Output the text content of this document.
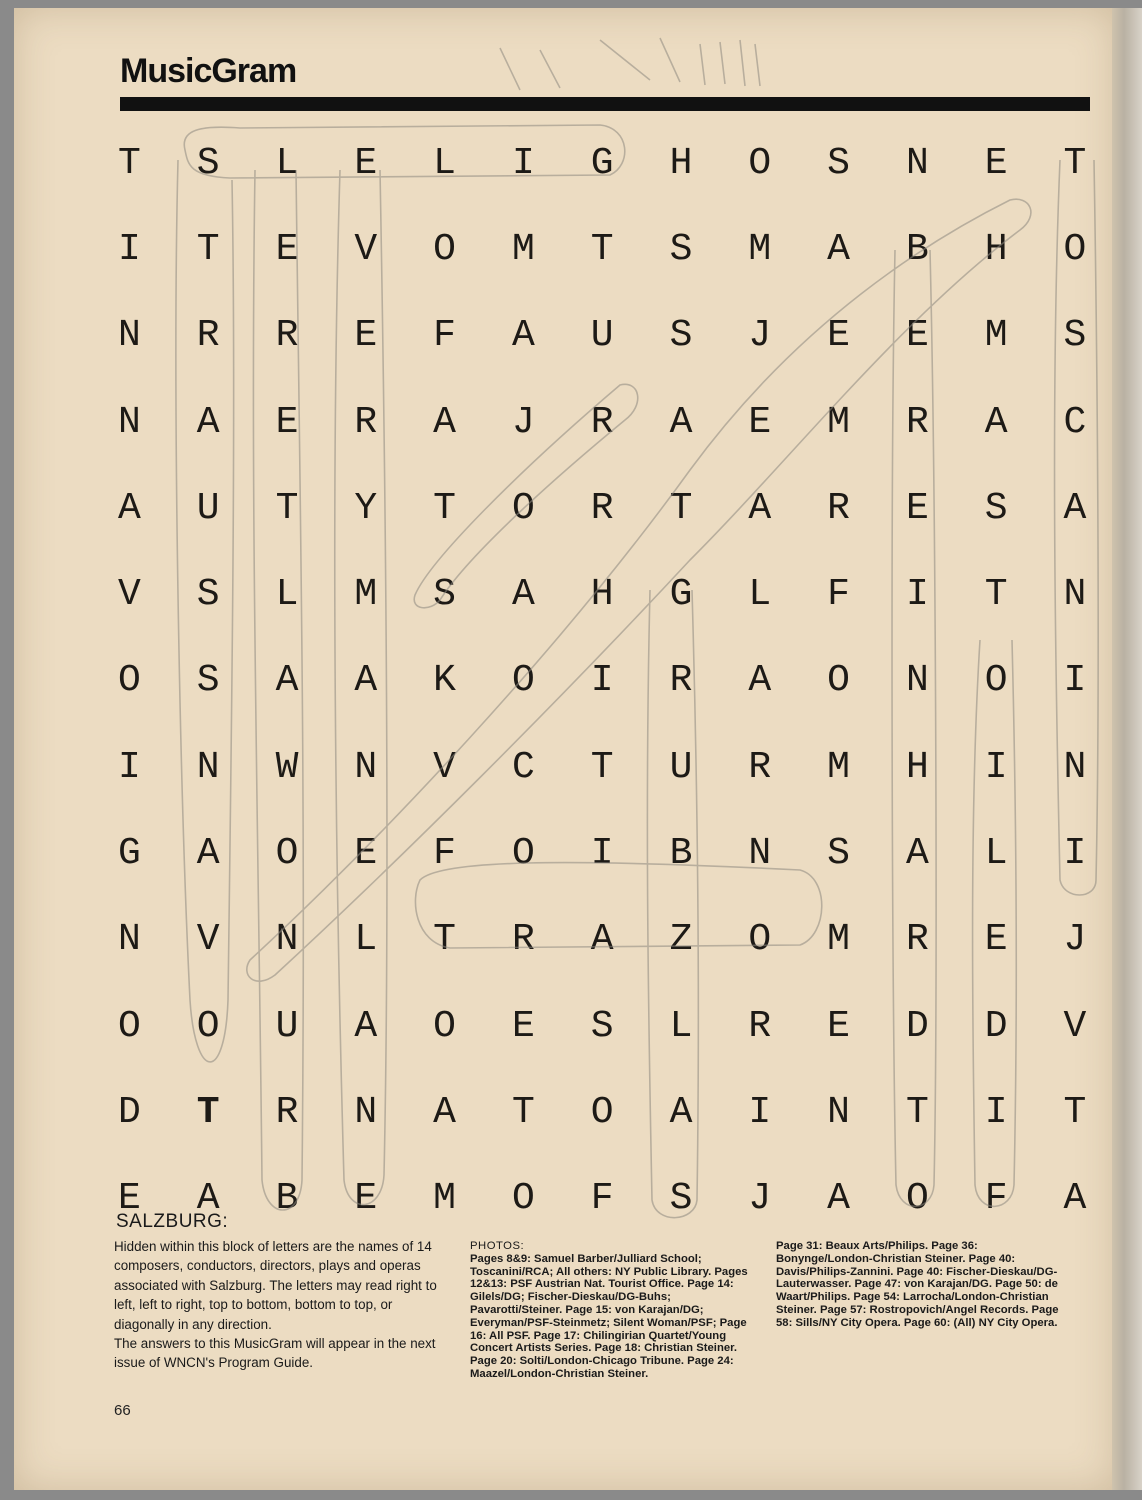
MusicGram
T	S	L	E	L	I	G	H	O	S	N	E	T
I	T	E	V	O	M	T	S	M	A	B	H	O
N	R	R	E	F	A	U	S	J	E	E	M	S
N	A	E	R	A	J	R	A	E	M	R	A	C
A	U	T	Y	T	O	R	T	A	R	E	S	A
V	S	L	M	S	A	H	G	L	F	I	T	N
O	S	A	A	K	O	I	R	A	O	N	O	I
I	N	W	N	V	C	T	U	R	M	H	I	N
G	A	O	E	F	O	I	B	N	S	A	L	I
N	V	N	L	T	R	A	Z	O	M	R	E	J
O	O	U	A	O	E	S	L	R	E	D	D	V
D	T	R	N	A	T	O	A	I	N	T	I	T
E	A	B	E	M	O	F	S	J	A	O	F	A
SALZBURG:

Hidden within this block of letters are the names of 14 composers, conductors, directors, plays and operas associated with Salzburg. The letters may read right to left, left to right, top to bottom, bottom to top, or diagonally in any direction.

The answers to this MusicGram will appear in the next issue of WNCN's Program Guide.

PHOTOS:
Pages 8&9: Samuel Barber/Julliard School; Toscanini/RCA; All others: NY Public Library. Pages 12&13: PSF Austrian Nat. Tourist Office. Page 14: Gilels/DG; Fischer-Dieskau/DG-Buhs; Pavarotti/Steiner. Page 15: von Karajan/DG; Everyman/PSF-Steinmetz; Silent Woman/PSF; Page 16: All PSF. Page 17: Chilingirian Quartet/Young Concert Artists Series. Page 18: Christian Steiner. Page 20: Solti/London-Chicago Tribune. Page 24: Maazel/London-Christian Steiner.
Page 31: Beaux Arts/Philips. Page 36: Bonynge/London-Christian Steiner. Page 40: Davis/Philips-Zannini. Page 40: Fischer-Dieskau/DG-Lauterwasser. Page 47: von Karajan/DG. Page 50: de Waart/Philips. Page 54: Larrocha/London-Christian Steiner. Page 57: Rostropovich/Angel Records. Page 58: Sills/NY City Opera. Page 60: (All) NY City Opera.
66
